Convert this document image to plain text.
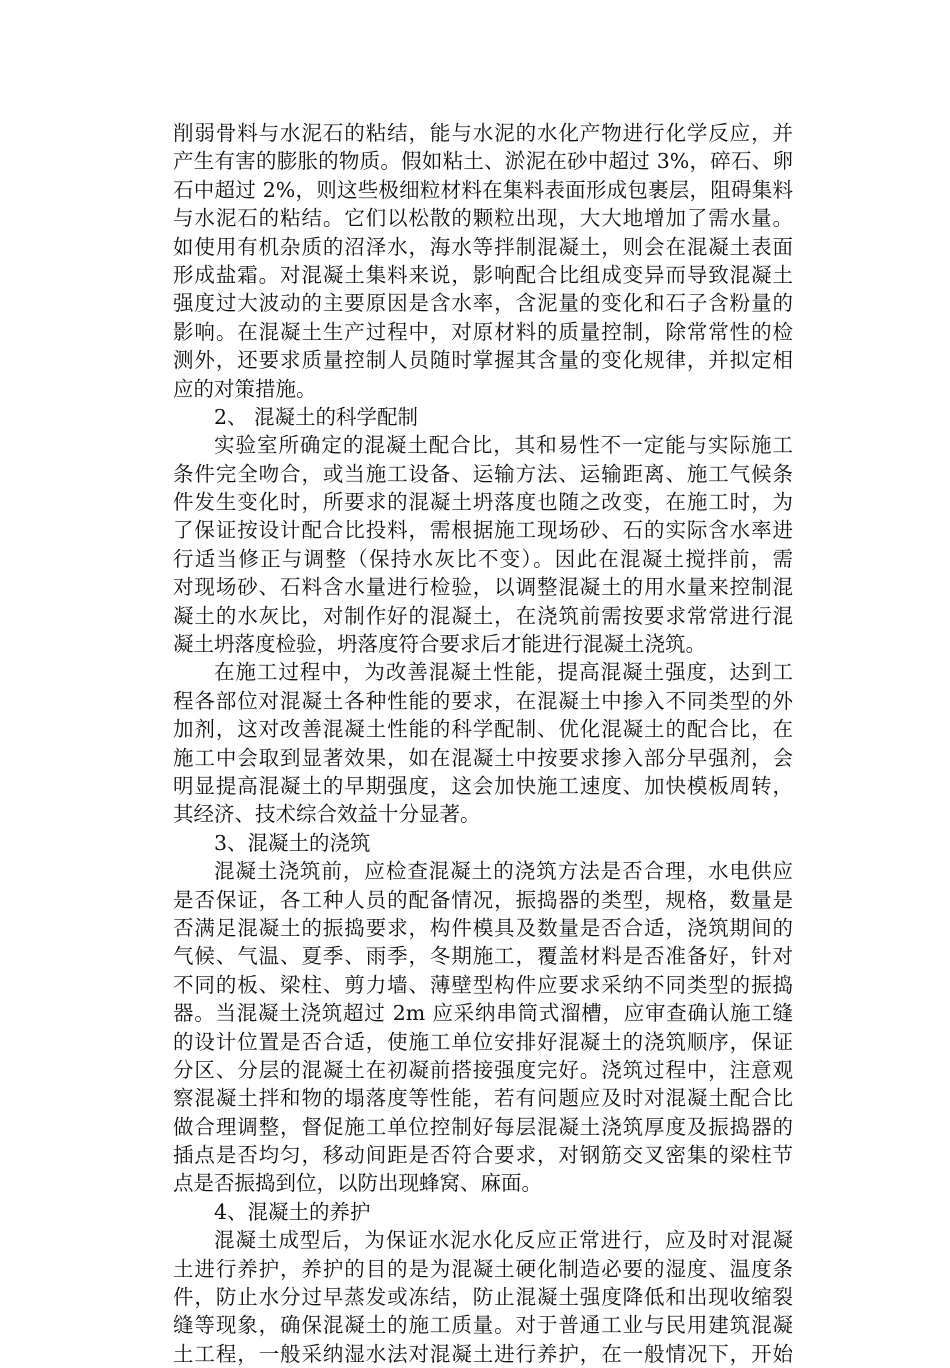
削弱骨料与水泥石的粘结，能与水泥的水化产物进行化学反应，并
产生有害的膨胀的物质。假如粘土、淤泥在砂中超过 3%，碎石、卵
石中超过 2%，则这些极细粒材料在集料表面形成包裹层，阻碍集料
与水泥石的粘结。它们以松散的颗粒出现，大大地增加了需水量。
如使用有机杂质的沼泽水，海水等拌制混凝土，则会在混凝土表面
形成盐霜。对混凝土集料来说，影响配合比组成变异而导致混凝土
强度过大波动的主要原因是含水率，含泥量的变化和石子含粉量的
影响。在混凝土生产过程中，对原材料的质量控制，除常常性的检
测外，还要求质量控制人员随时掌握其含量的变化规律，并拟定相
应的对策措施。
2、 混凝土的科学配制
实验室所确定的混凝土配合比，其和易性不一定能与实际施工
条件完全吻合，或当施工设备、运输方法、运输距离、施工气候条
件发生变化时，所要求的混凝土坍落度也随之改变，在施工时，为
了保证按设计配合比投料，需根据施工现场砂、石的实际含水率进
行适当修正与调整（保持水灰比不变）。因此在混凝土搅拌前，需
对现场砂、石料含水量进行检验，以调整混凝土的用水量来控制混
凝土的水灰比，对制作好的混凝土，在浇筑前需按要求常常进行混
凝土坍落度检验，坍落度符合要求后才能进行混凝土浇筑。
在施工过程中，为改善混凝土性能，提高混凝土强度，达到工
程各部位对混凝土各种性能的要求，在混凝土中掺入不同类型的外
加剂，这对改善混凝土性能的科学配制、优化混凝土的配合比，在
施工中会取到显著效果，如在混凝土中按要求掺入部分早强剂，会
明显提高混凝土的早期强度，这会加快施工速度、加快模板周转，
其经济、技术综合效益十分显著。
3、混凝土的浇筑
混凝土浇筑前，应检查混凝土的浇筑方法是否合理，水电供应
是否保证，各工种人员的配备情况，振捣器的类型，规格，数量是
否满足混凝土的振捣要求，构件模具及数量是否合适，浇筑期间的
气候、气温、夏季、雨季，冬期施工，覆盖材料是否准备好，针对
不同的板、梁柱、剪力墙、薄壁型构件应要求采纳不同类型的振捣
器。当混凝土浇筑超过 2m 应采纳串筒式溜槽，应审查确认施工缝
的设计位置是否合适，使施工单位安排好混凝土的浇筑顺序，保证
分区、分层的混凝土在初凝前搭接强度完好。浇筑过程中，注意观
察混凝土拌和物的塌落度等性能，若有问题应及时对混凝土配合比
做合理调整，督促施工单位控制好每层混凝土浇筑厚度及振捣器的
插点是否均匀，移动间距是否符合要求，对钢筋交叉密集的梁柱节
点是否振捣到位，以防出现蜂窝、麻面。
4、混凝土的养护
混凝土成型后，为保证水泥水化反应正常进行，应及时对混凝
土进行养护，养护的目的是为混凝土硬化制造必要的湿度、温度条
件，防止水分过早蒸发或冻结，防止混凝土强度降低和出现收缩裂
缝等现象，确保混凝土的施工质量。对于普通工业与民用建筑混凝
土工程，一般采纳湿水法对混凝土进行养护，在一般情况下，开始
